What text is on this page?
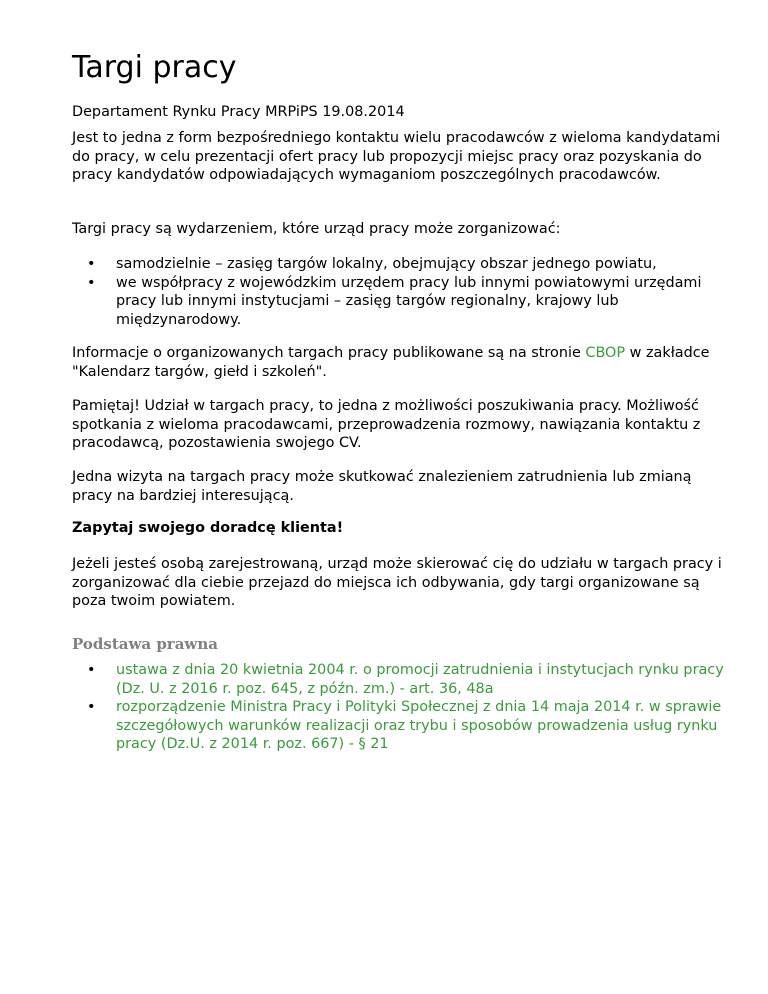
Targi pracy

Departament Rynku Pracy MRPiPS 19.08.2014

Jest to jedna z form bezpośredniego kontaktu wielu pracodawców z wieloma kandydatami do pracy, w celu prezentacji ofert pracy lub propozycji miejsc pracy oraz pozyskania do pracy kandydatów odpowiadających wymaganiom poszczególnych pracodawców.

Targi pracy są wydarzeniem, które urząd pracy może zorganizować:

• samodzielnie – zasięg targów lokalny, obejmujący obszar jednego powiatu,
• we współpracy z wojewódzkim urzędem pracy lub innymi powiatowymi urzędami pracy lub innymi instytucjami – zasięg targów regionalny, krajowy lub międzynarodowy.

Informacje o organizowanych targach pracy publikowane są na stronie CBOP w zakładce "Kalendarz targów, giełd i szkoleń".

Pamiętaj! Udział w targach pracy, to jedna z możliwości poszukiwania pracy. Możliwość spotkania z wieloma pracodawcami, przeprowadzenia rozmowy, nawiązania kontaktu z pracodawcą, pozostawienia swojego CV.

Jedna wizyta na targach pracy może skutkować znalezieniem zatrudnienia lub zmianą pracy na bardziej interesującą.

Zapytaj swojego doradcę klienta!

Jeżeli jesteś osobą zarejestrowaną, urząd może skierować cię do udziału w targach pracy i zorganizować dla ciebie przejazd do miejsca ich odbywania, gdy targi organizowane są poza twoim powiatem.

Podstawa prawna
• ustawa z dnia 20 kwietnia 2004 r. o promocji zatrudnienia i instytucjach rynku pracy (Dz. U. z 2016 r. poz. 645, z późn. zm.) - art. 36, 48a
• rozporządzenie Ministra Pracy i Polityki Społecznej z dnia 14 maja 2014 r. w sprawie szczegółowych warunków realizacji oraz trybu i sposobów prowadzenia usług rynku pracy (Dz.U. z 2014 r. poz. 667) - § 21
